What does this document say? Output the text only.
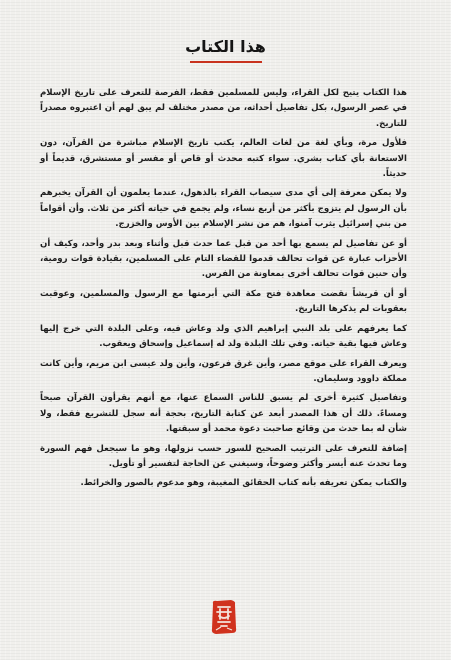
هذا الكتاب

هذا الكتاب يتيح لكل القراء، وليس للمسلمين فقط، الفرصة للتعرف على تاريخ الإسلام في عصر الرسول، بكل تفاصيل أحداثه، من مصدر مختلف لم يبق لهم أن اعتبروه مصدراً للتاريخ.

فلأول مرة، وبأي لغة من لغات العالم، يكتب تاريخ الإسلام مباشرة من القرآن، دون الاستعانة بأي كتاب بشري. سواء كتبه محدث أو قاص أو مفسر أو مستشرق، قديماً أو حديثاً.

ولا يمكن معرفة إلى أي مدى سيصاب القراء بالذهول، عندما يعلمون أن القرآن يخبرهم بأن الرسول لم يتزوج بأكثر من أربع نساء، ولم يجمع في حياته أكثر من ثلاث. وأن أقواماً من بني إسرائيل يثرب آمنوا، هم من نشر الإسلام بين الأوس والخزرج.

أو عن تفاصيل لم يسمع بها أحد من قبل عما حدث قبل وأثناء وبعد بدر وأحد، وكيف أن الأحزاب عبارة عن قوات تحالف قدموا للقضاء التام على المسلمين، بقيادة قوات رومية، وأن حنين قوات تحالف أخرى بمعاونة من الفرس.

أو أن قريشاً نقضت معاهدة فتح مكة التي أبرمتها مع الرسول والمسلمين، وعوقبت بعقوبات لم يذكرها التاريخ.

كما يعرفهم على بلد النبي إبراهيم الذي ولد وعاش فيه، وعلى البلدة التي خرج إليها وعاش فيها بقية حياته. وفي تلك البلدة ولد له إسماعيل وإسحاق ويعقوب.

ويعرف القراء على موقع مصر، وأين غرق فرعون، وأين ولد عيسى ابن مريم، وأين كانت مملكة داوود وسليمان.

وتفاصيل كثيرة أخرى لم يسبق للناس السماع عنها، مع أنهم يقرأون القرآن صبحاً ومساءً. ذلك أن هذا المصدر أبعد عن كتابة التاريخ، بحجة أنه سجل للتشريع فقط، ولا شأن له بما حدث من وقائع صاحبت دعوة محمد أو سبقتها.

إضافة للتعرف على الترتيب الصحيح للسور حسب نزولها، وهو ما سيجعل فهم السورة وما تحدث عنه أيسر وأكثر وضوحاً، وسيغني عن الحاجة لتفسير أو تأويل.

والكتاب يمكن تعريفه بأنه كتاب الحقائق المغيبة، وهو مدعوم بالصور والخرائط.
